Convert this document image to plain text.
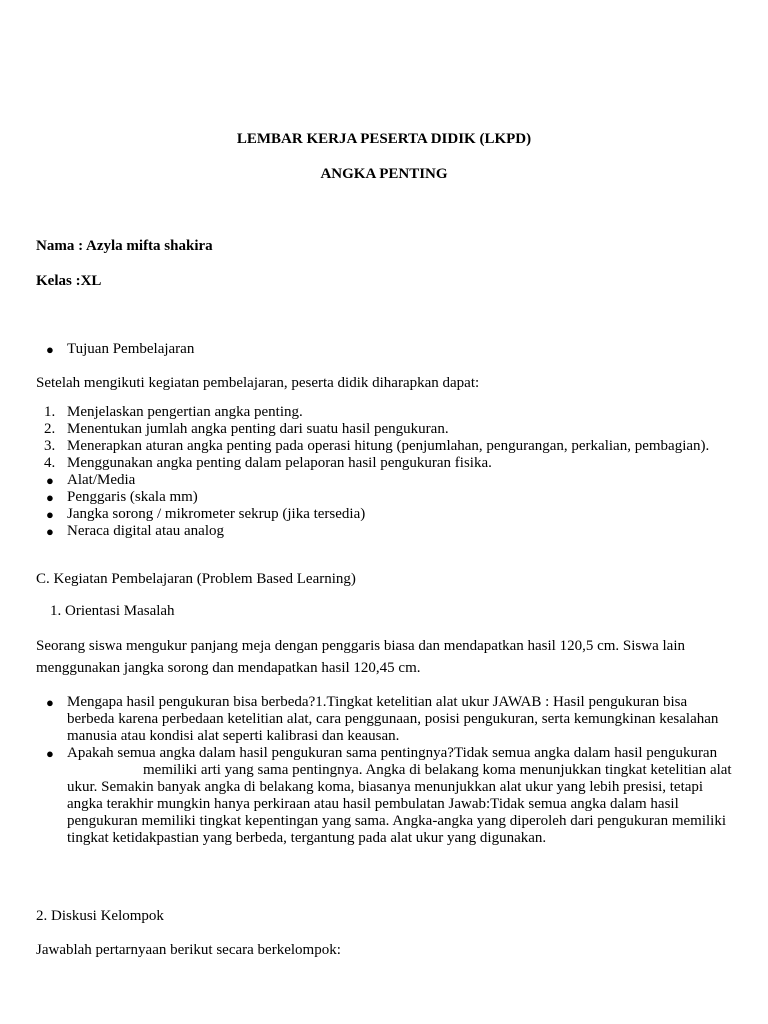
LEMBAR KERJA PESERTA DIDIK (LKPD)
ANGKA PENTING
Nama : Azyla mifta shakira
Kelas :XL
● Tujuan Pembelajaran
Setelah mengikuti kegiatan pembelajaran, peserta didik diharapkan dapat:
1. Menjelaskan pengertian angka penting.
2. Menentukan jumlah angka penting dari suatu hasil pengukuran.
3. Menerapkan aturan angka penting pada operasi hitung (penjumlahan, pengurangan, perkalian, pembagian).
4. Menggunakan angka penting dalam pelaporan hasil pengukuran fisika.
● Alat/Media
● Penggaris (skala mm)
● Jangka sorong / mikrometer sekrup (jika tersedia)
● Neraca digital atau analog
C. Kegiatan Pembelajaran (Problem Based Learning)
1. Orientasi Masalah
Seorang siswa mengukur panjang meja dengan penggaris biasa dan mendapatkan hasil 120,5 cm. Siswa lain menggunakan jangka sorong dan mendapatkan hasil 120,45 cm.
● Mengapa hasil pengukuran bisa berbeda?1.Tingkat ketelitian alat ukur JAWAB : Hasil pengukuran bisa berbeda karena perbedaan ketelitian alat, cara penggunaan, posisi pengukuran, serta kemungkinan kesalahan manusia atau kondisi alat seperti kalibrasi dan keausan.
● Apakah semua angka dalam hasil pengukuran sama pentingnya?Tidak semua angka dalam hasil pengukuranmemiliki arti yang sama pentingnya. Angka di belakang koma menunjukkan tingkat ketelitian alat ukur. Semakin banyak angka di belakang koma, biasanya menunjukkan alat ukur yang lebih presisi, tetapi angka terakhir mungkin hanya perkiraan atau hasil pembulatan Jawab:Tidak semua angka dalam hasil pengukuran memiliki tingkat kepentingan yang sama. Angka-angka yang diperoleh dari pengukuran memiliki tingkat ketidakpastian yang berbeda, tergantung pada alat ukur yang digunakan.
2. Diskusi Kelompok
Jawablah pertarnyaan berikut secara berkelompok:
